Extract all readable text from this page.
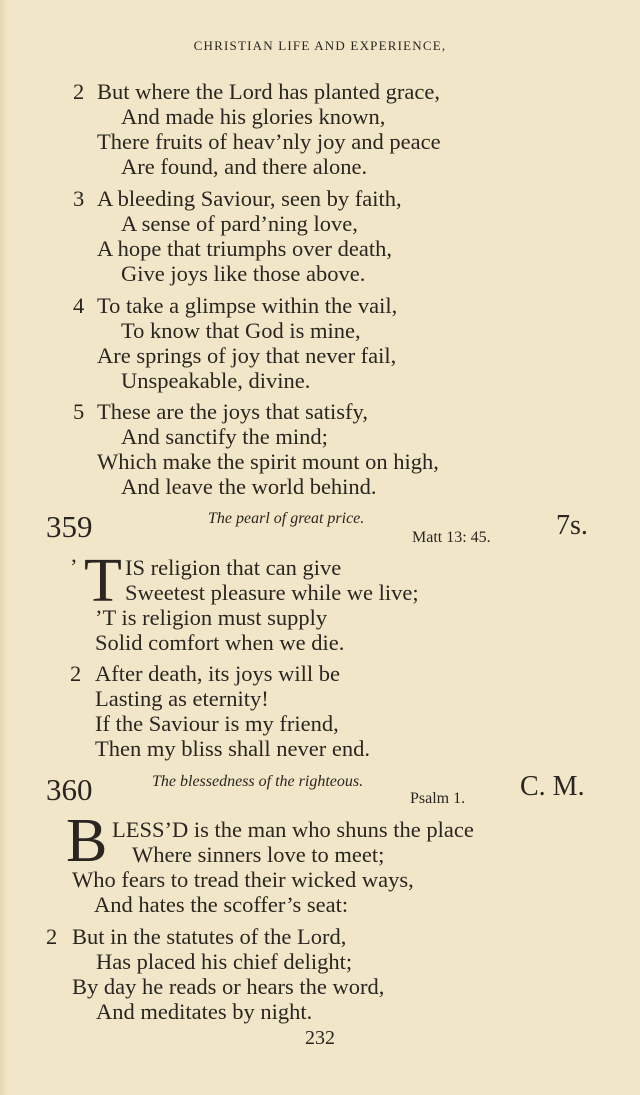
CHRISTIAN LIFE AND EXPERIENCE,
2 But where the Lord has planted grace,
And made his glories known,
There fruits of heav’nly joy and peace
Are found, and there alone.
3 A bleeding Saviour, seen by faith,
A sense of pard’ning love,
A hope that triumphs over death,
Give joys like those above.
4 To take a glimpse within the vail,
To know that God is mine,
Are springs of joy that never fail,
Unspeakable, divine.
5 These are the joys that satisfy,
And sanctify the mind;
Which make the spirit mount on high,
And leave the world behind.
359	The pearl of great price.
Matt 13: 45. 7s.
’ T IS religion that can give
Sweetest pleasure while we live;
’T is religion must supply
Solid comfort when we die.
2 After death, its joys will be
Lasting as eternity!
If the Saviour is my friend,
Then my bliss shall never end.
360	The blessedness of the righteous.
Psalm 1. C. M.
B LESS’D is the man who shuns the place
Where sinners love to meet;
Who fears to tread their wicked ways,
And hates the scoffer’s seat:
2 But in the statutes of the Lord,
Has placed his chief delight;
By day he reads or hears the word,
And meditates by night.
232
